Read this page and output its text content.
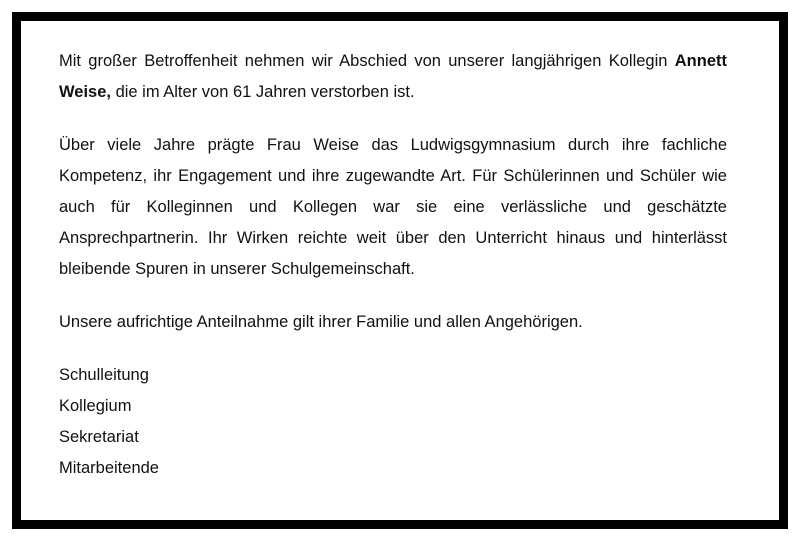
Mit großer Betroffenheit nehmen wir Abschied von unserer langjährigen Kollegin Annett Weise, die im Alter von 61 Jahren verstorben ist.

Über viele Jahre prägte Frau Weise das Ludwigsgymnasium durch ihre fachliche Kompetenz, ihr Engagement und ihre zugewandte Art. Für Schülerinnen und Schüler wie auch für Kolleginnen und Kollegen war sie eine verlässliche und geschätzte Ansprechpartnerin. Ihr Wirken reichte weit über den Unterricht hinaus und hinterlässt bleibende Spuren in unserer Schulgemeinschaft.

Unsere aufrichtige Anteilnahme gilt ihrer Familie und allen Angehörigen.

Schulleitung
Kollegium
Sekretariat
Mitarbeitende
